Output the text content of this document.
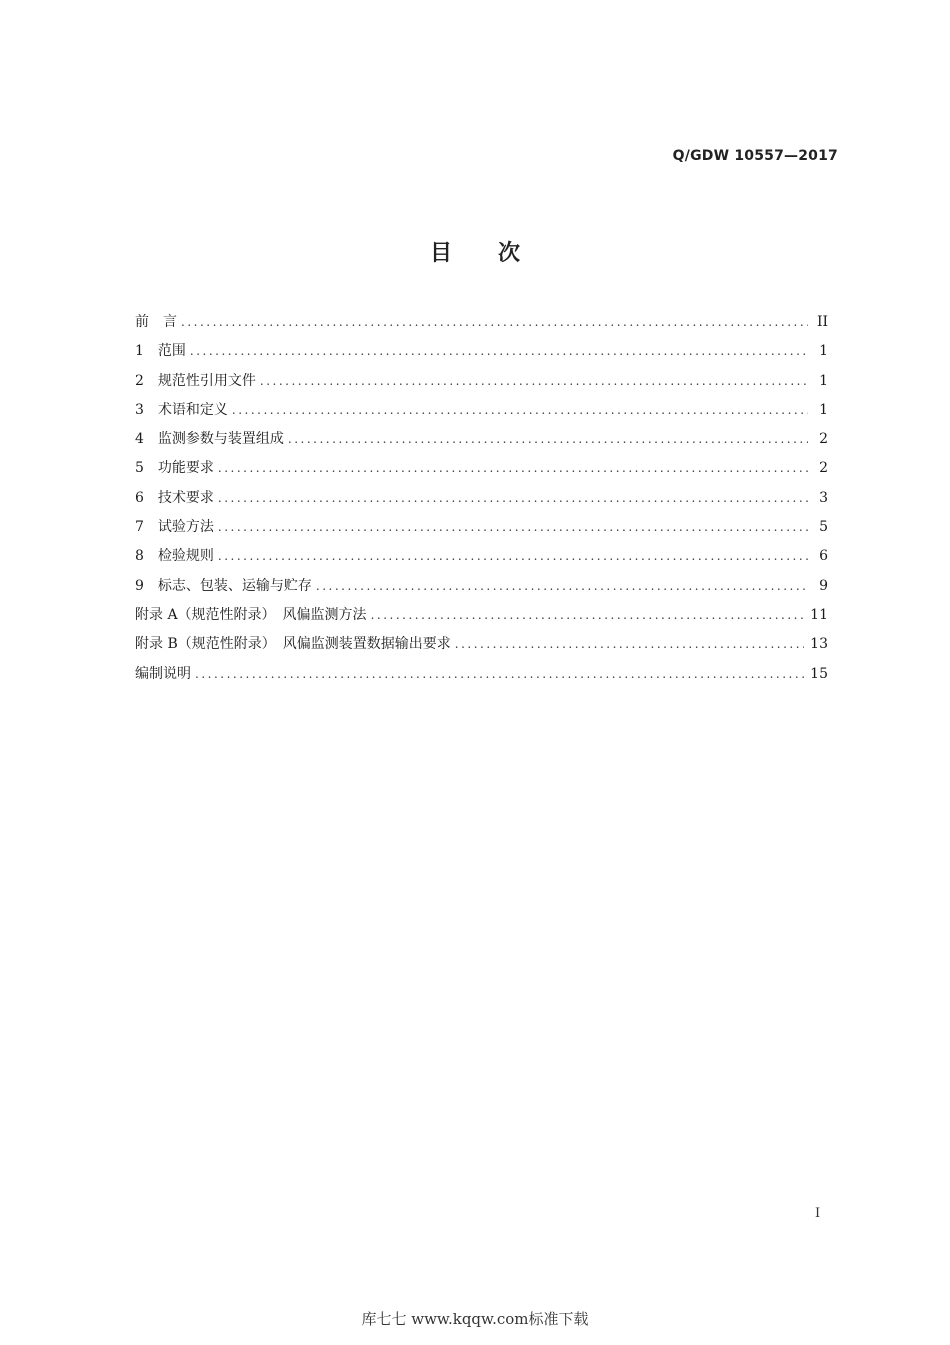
Q/GDW 10557—2017
目次
前　言 .....	II
1　范围 .....	1
2　规范性引用文件 .....	1
3　术语和定义 .....	1
4　监测参数与装置组成 .....	2
5　功能要求 .....	2
6　技术要求 .....	3
7　试验方法 .....	5
8　检验规则 .....	6
9　标志、包装、运输与贮存 .....	9
附录 A（规范性附录）　风偏监测方法 .....	11
附录 B（规范性附录）　风偏监测装置数据输出要求 .....	13
编制说明 .....	15
I
库七七 www.kqqw.com标准下载
